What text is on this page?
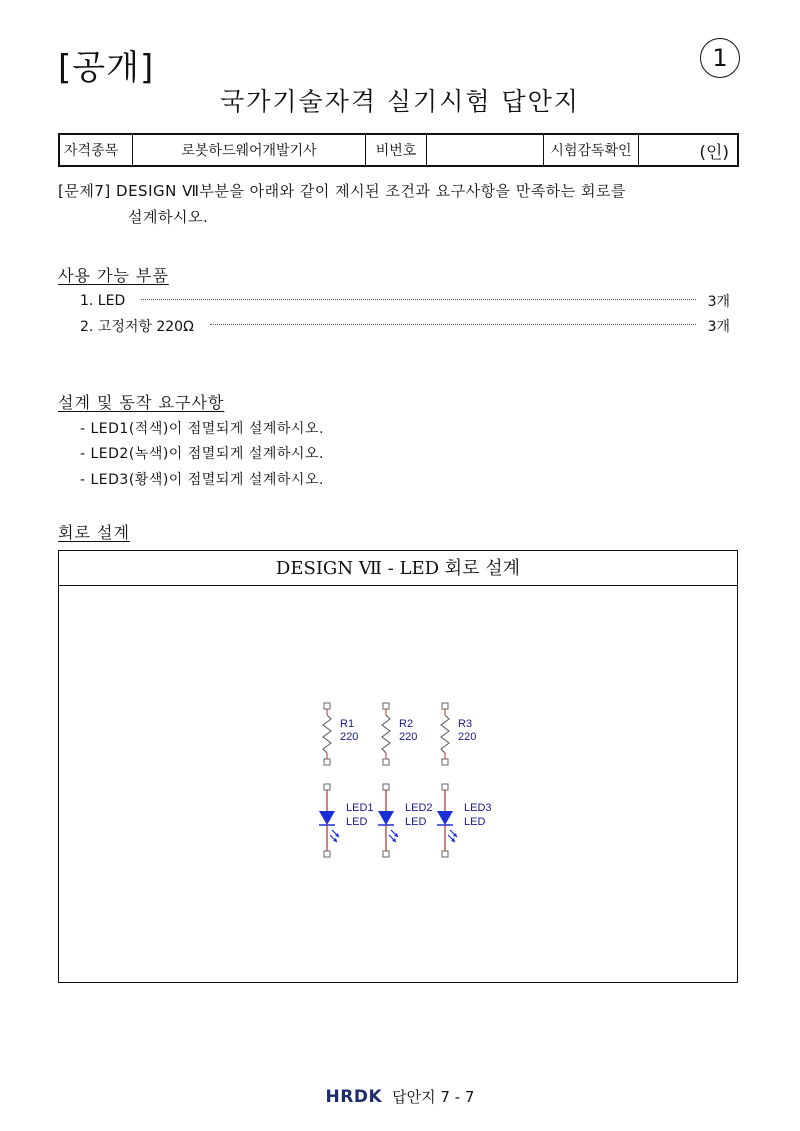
[공개]	1
국가기술자격 실기시험 답안지
자격종목	로봇하드웨어개발기사	비번호		시험감독확인	(인)
[문제7] DESIGN Ⅶ부분을 아래와 같이 제시된 조건과 요구사항을 만족하는 회로를
설계하시오.
사용 가능 부품
1. LED	3개
2. 고정저항 220Ω	3개
설계 및 동작 요구사항
- LED1(적색)이 점멸되게 설계하시오.
- LED2(녹색)이 점멸되게 설계하시오.
- LED3(황색)이 점멸되게 설계하시오.
회로 설계
DESIGN Ⅶ - LED 회로 설계
R1
220
R2
220
R3
220
LED1
LED
LED2
LED
LED3
LED
HRDK 답안지 7 - 7
